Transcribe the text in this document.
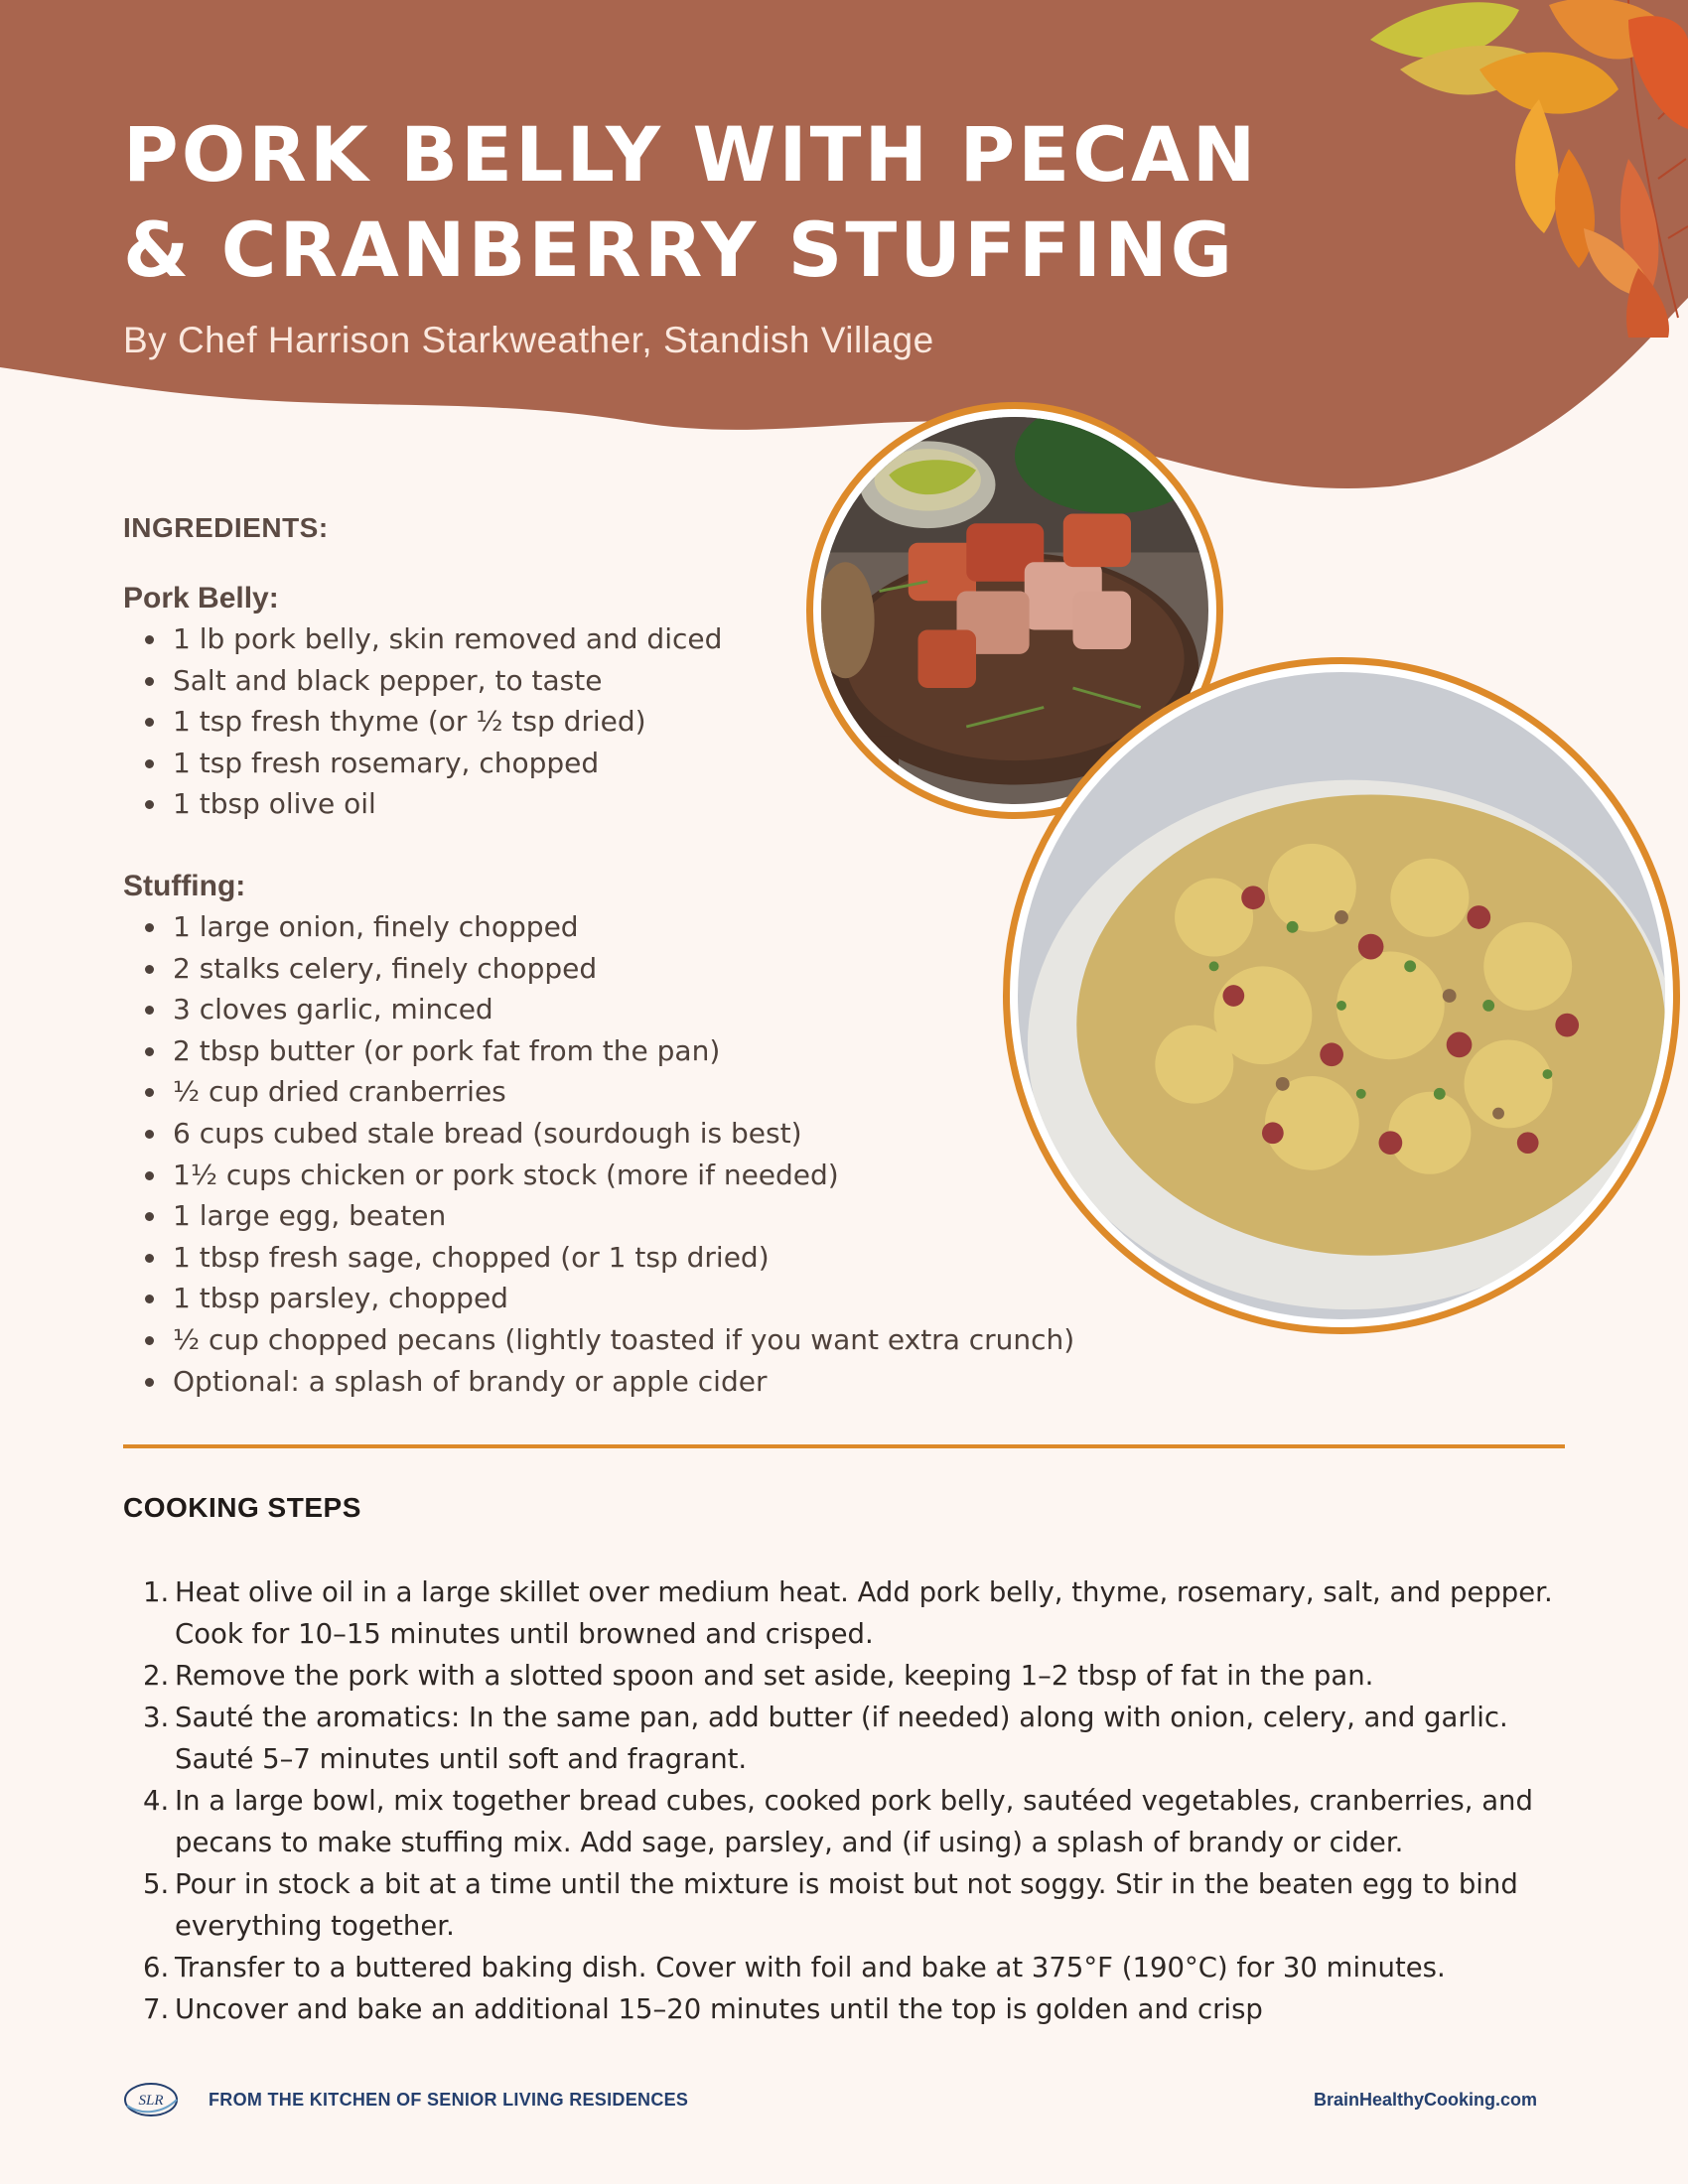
PORK BELLY WITH PECAN
& CRANBERRY STUFFING
By Chef Harrison Starkweather, Standish Village
INGREDIENTS:
Pork Belly:
1 lb pork belly, skin removed and diced
Salt and black pepper, to taste
1 tsp fresh thyme (or ½ tsp dried)
1 tsp fresh rosemary, chopped
1 tbsp olive oil
Stuffing:
1 large onion, finely chopped
2 stalks celery, finely chopped
3 cloves garlic, minced
2 tbsp butter (or pork fat from the pan)
½ cup dried cranberries
6 cups cubed stale bread (sourdough is best)
1½ cups chicken or pork stock (more if needed)
1 large egg, beaten
1 tbsp fresh sage, chopped (or 1 tsp dried)
1 tbsp parsley, chopped
½ cup chopped pecans (lightly toasted if you want extra crunch)
Optional: a splash of brandy or apple cider
COOKING STEPS
1. Heat olive oil in a large skillet over medium heat. Add pork belly, thyme, rosemary, salt, and pepper. Cook for 10–15 minutes until browned and crisped.
2. Remove the pork with a slotted spoon and set aside, keeping 1–2 tbsp of fat in the pan.
3. Sauté the aromatics: In the same pan, add butter (if needed) along with onion, celery, and garlic. Sauté 5–7 minutes until soft and fragrant.
4. In a large bowl, mix together bread cubes, cooked pork belly, sautéed vegetables, cranberries, and pecans to make stuffing mix. Add sage, parsley, and (if using) a splash of brandy or cider.
5. Pour in stock a bit at a time until the mixture is moist but not soggy. Stir in the beaten egg to bind everything together.
6. Transfer to a buttered baking dish. Cover with foil and bake at 375°F (190°C) for 30 minutes.
7. Uncover and bake an additional 15–20 minutes until the top is golden and crisp
SLR	FROM THE KITCHEN OF SENIOR LIVING RESIDENCES	BrainHealthyCooking.com
